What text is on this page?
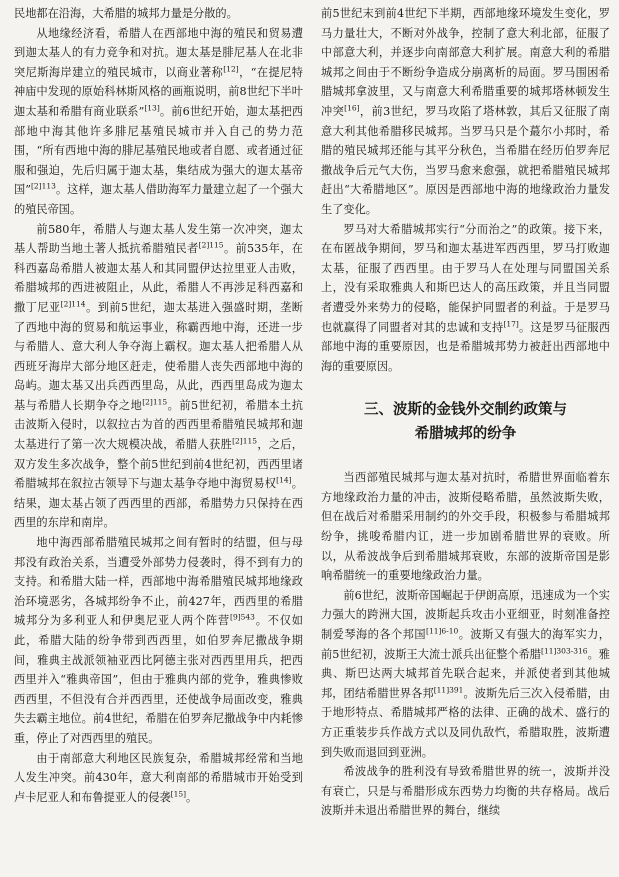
民地都在沿海，大希腊的城邦力量是分散的。

从地缘经济看，希腊人在西部地中海的殖民和贸易遭到迦太基人的有力竞争和对抗。迦太基是腓尼基人在北非突尼斯海岸建立的殖民城市，以商业著称[12]，“在提尼特神庙中发现的原始科林斯风格的画瓶说明，前8世纪下半叶迦太基和希腊有商业联系”[13]。前6世纪开始，迦太基把西部地中海其他许多腓尼基殖民城市并入自己的势力范围，“所有西地中海的腓尼基殖民地或者自愿、或者通过征服和强迫，先后归属于迦太基，集结成为强大的迦太基帝国”$^{[2]113}$。这样，迦太基人借助海军力量建立起了一个强大的殖民帝国。

前580年，希腊人与迦太基人发生第一次冲突，迦太基人帮助当地土著人抵抗希腊殖民者$^{[2]115}$。前535年，在科西嘉岛希腊人被迦太基人和其同盟伊达拉里亚人击败，希腊城邦的西进被阻止，从此，希腊人不再涉足科西嘉和撒丁尼亚$^{[2]114}$。到前5世纪，迦太基进入强盛时期，垄断了西地中海的贸易和航运事业，称霸西地中海，还进一步与希腊人、意大利人争夺海上霸权。迦太基人把希腊人从西班牙海岸大部分地区赶走，使希腊人丧失西部地中海的岛屿。迦太基又出兵西西里岛，从此，西西里岛成为迦太基与希腊人长期争夺之地$^{[2]115}$。前5世纪初，希腊本土抗击波斯入侵时，以叙拉古为首的西西里希腊殖民城邦和迦太基进行了第一次大规模决战，希腊人获胜$^{[2]115}$，之后，双方发生多次战争，整个前5世纪到前4世纪初，西西里诸希腊城邦在叙拉古领导下与迦太基争夺地中海贸易权[14]。结果，迦太基占领了西西里的西部，希腊势力只保持在西西里的东岸和南岸。

地中海西部希腊殖民城邦之间有暂时的结盟，但与母邦没有政治关系，当遭受外部势力侵袭时，得不到有力的支持。和希腊大陆一样，西部地中海希腊殖民城邦地缘政治环境恶劣，各城邦纷争不止，前427年，西西里的希腊城邦分为多利亚人和伊奥尼亚人两个阵营$^{[9]543}$。不仅如此，希腊大陆的纷争带到西西里，如伯罗奔尼撒战争期间，雅典主战派领袖亚西比阿德主张对西西里用兵，把西西里并入“雅典帝国”，但由于雅典内部的党争，雅典惨败西西里，不但没有合并西西里，还使战争局面改变，雅典失去霸主地位。前4世纪，希腊在伯罗奔尼撒战争中内耗惨重，停止了对西西里的殖民。

由于南部意大利地区民族复杂，希腊城邦经常和当地人发生冲突。前430年，意大利南部的希腊城市开始受到卢卡尼亚人和布鲁提亚人的侵袭[15]。

前5世纪末到前4世纪下半期，西部地缘环境发生变化，罗马力量壮大，不断对外战争，控制了意大利北部，征服了中部意大利，并逐步向南部意大利扩展。南意大利的希腊城邦之间由于不断纷争造成分崩离析的局面。罗马围困希腊城邦拿波里，又与南意大利希腊重要的城邦塔林顿发生冲突[16]，前3世纪，罗马攻陷了塔林敦，其后又征服了南意大利其他希腊移民城邦。当罗马只是个蕞尔小邦时，希腊的殖民城邦还能与其平分秋色，当希腊在经历伯罗奔尼撒战争后元气大伤，当罗马愈来愈强，就把希腊殖民城邦赶出“大希腊地区”。原因是西部地中海的地缘政治力量发生了变化。

罗马对大希腊城邦实行“分而治之”的政策。接下来，在布匿战争期间，罗马和迦太基进军西西里，罗马打败迦太基，征服了西西里。由于罗马人在处理与同盟国关系上，没有采取雅典人和斯巴达人的高压政策，并且当同盟者遭受外来势力的侵略，能保护同盟者的利益。于是罗马也就赢得了同盟者对其的忠诚和支持[17]。这是罗马征服西部地中海的重要原因，也是希腊城邦势力被赶出西部地中海的重要原因。

三、波斯的金钱外交制约政策与
希腊城邦的纷争

当西部殖民城邦与迦太基对抗时，希腊世界面临着东方地缘政治力量的冲击，波斯侵略希腊，虽然波斯失败，但在战后对希腊采用制约的外交手段，积极参与希腊城邦纷争，挑唆希腊内讧，进一步加剧希腊世界的衰败。所以，从希波战争后到希腊城邦衰败，东部的波斯帝国是影响希腊统一的重要地缘政治力量。

前6世纪，波斯帝国崛起于伊朗高原，迅速成为一个实力强大的跨洲大国，波斯起兵攻击小亚细亚，时刻准备控制爱琴海的各个邦国$^{[11]6-10}$。波斯又有强大的海军实力，前5世纪初，波斯王大流士派兵出征整个希腊$^{[11]303-316}$。雅典、斯巴达两大城邦首先联合起来，并派使者到其他城邦，团结希腊世界各邦$^{[11]391}$。波斯先后三次入侵希腊，由于地形特点、希腊城邦严格的法律、正确的战术、盛行的方正重装步兵作战方式以及同仇敌忾，希腊取胜，波斯遭到失败而退回到亚洲。

希波战争的胜利没有导致希腊世界的统一，波斯并没有衰亡，只是与希腊形成东西势力均衡的共存格局。战后波斯并未退出希腊世界的舞台，继续
